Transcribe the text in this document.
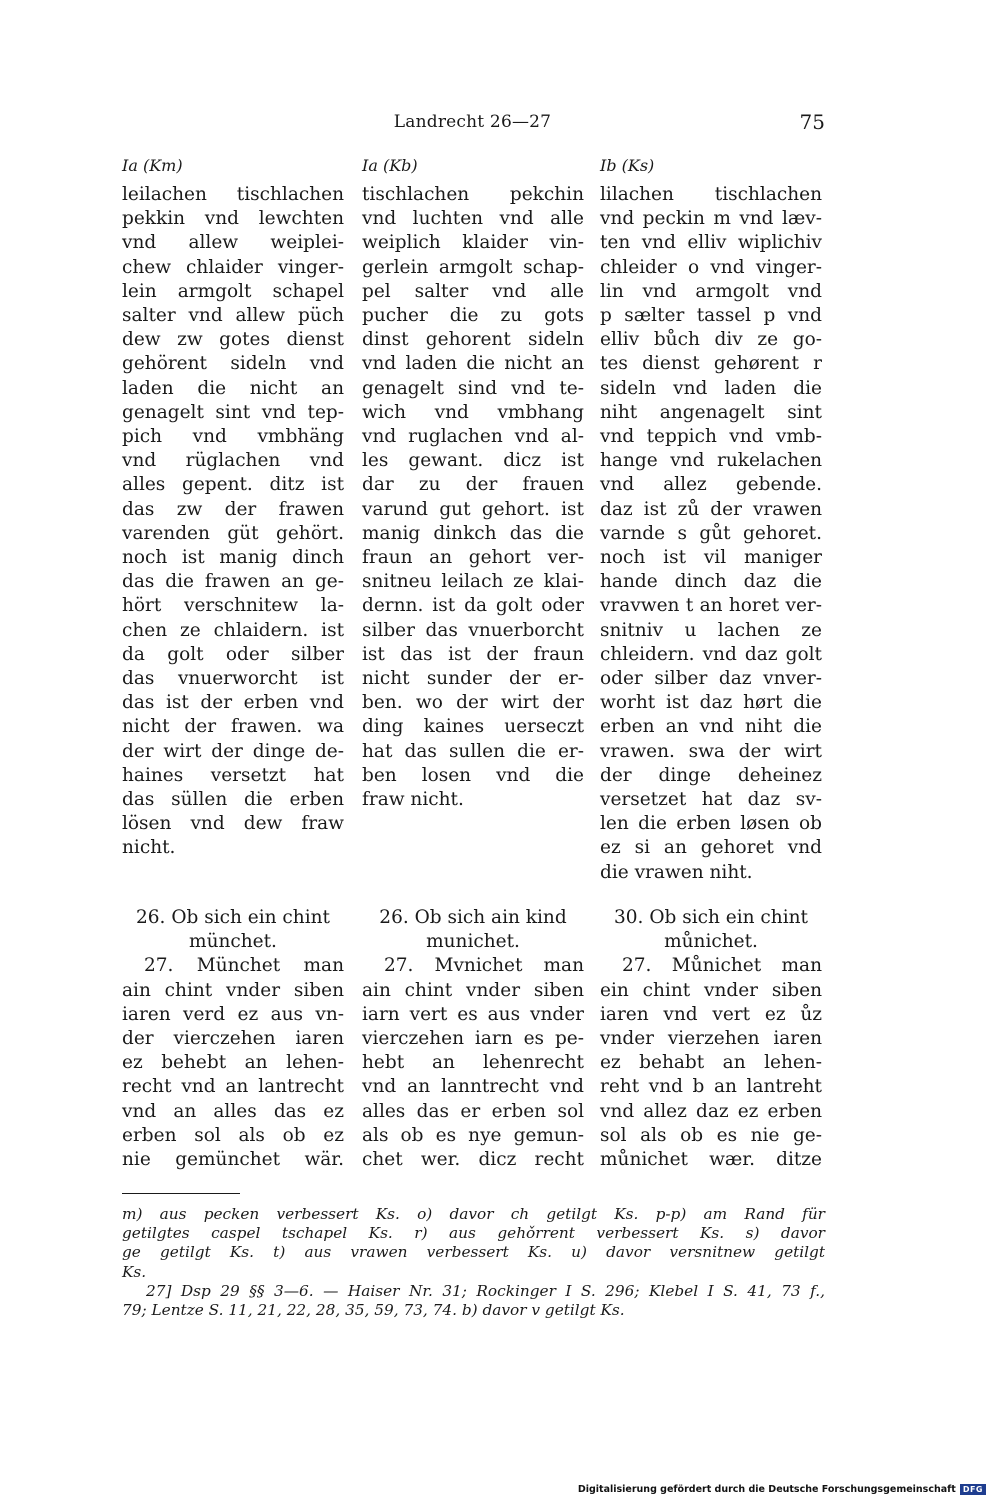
Landrecht 26—27	75
Ia (Km)	Ia (Kb)	Ib (Ks)
leilachen tischlachen
pekkin vnd lewchten
vnd allew weiplei-
chew chlaider vinger-
lein armgolt schapel
salter vnd allew püch
dew zw gotes dienst
gehörent sideln vnd
laden die nicht an
genagelt sint vnd tep-
pich vnd vmbhäng
vnd rüglachen vnd
alles gepent. ditz ist
das zw der frawen
varenden güt gehört.
noch ist manig dinch
das die frawen an ge-
hört verschnitew la-
chen ze chlaidern. ist
da golt oder silber
das vnuerworcht ist
das ist der erben vnd
nicht der frawen. wa
der wirt der dinge de-
haines versetzt hat
das süllen die erben
lösen vnd dew fraw
nicht.
tischlachen pekchin
vnd luchten vnd alle
weiplich klaider vin-
gerlein armgolt schap-
pel salter vnd alle
pucher die zu gots
dinst gehorent sideln
vnd laden die nicht an
genagelt sind vnd te-
wich vnd vmbhang
vnd ruglachen vnd al-
les gewant. dicz ist
dar zu der frauen
varund gut gehort. ist
manig dinkch das die
fraun an gehort ver-
snitneu leilach ze klai-
dernn. ist da golt oder
silber das vnuerborcht
ist das ist der fraun
nicht sunder der er-
ben. wo der wirt der
ding kaines uerseczt
hat das sullen die er-
ben losen vnd die
fraw nicht.
lilachen tischlachen
vnd peckin m vnd læv-
ten vnd elliv wiplichiv
chleider o vnd vinger-
lin vnd armgolt vnd
p sælter tassel p vnd
elliv bůch div ze go-
tes dienst gehørent r
sideln vnd laden die
niht angenagelt sint
vnd teppich vnd vmb-
hange vnd rukelachen
vnd allez gebende.
daz ist zů der vrawen
varnde s gůt gehoret.
noch ist vil maniger
hande dinch daz die
vravwen t an horet ver-
snitniv u lachen ze
chleidern. vnd daz golt
oder silber daz vnver-
worht ist daz hørt die
erben an vnd niht die
vrawen. swa der wirt
der dinge deheinez
versetzet hat daz sv-
len die erben løsen ob
ez si an gehoret vnd
die vrawen niht.
26. Ob sich ein chint
münchet.
27. Münchet man
ain chint vnder siben
iaren verd ez aus vn-
der vierczehen iaren
ez behebt an lehen-
recht vnd an lantrecht
vnd an alles das ez
erben sol als ob ez
nie gemünchet wär.
26. Ob sich ain kind
munichet.
27. Mvnichet man
ain chint vnder siben
iarn vert es aus vnder
vierczehen iarn es pe-
hebt an lehenrecht
vnd an lanntrecht vnd
alles das er erben sol
als ob es nye gemun-
chet wer. dicz recht
30. Ob sich ein chint
můnichet.
27. Můnichet man
ein chint vnder siben
iaren vnd vert ez ůz
vnder vierzehen iaren
ez behabt an lehen-
reht vnd b an lantreht
vnd allez daz ez erben
sol als ob es nie ge-
můnichet wær. ditze
m) aus pecken verbessert Ks. o) davor ch getilgt Ks. p-p) am Rand für
getilgtes caspel tschapel Ks. r) aus gehǒrrent verbessert Ks. s) davor
ge getilgt Ks. t) aus vrawen verbessert Ks. u) davor versnitnew getilgt
Ks.
27] Dsp 29 §§ 3—6. — Haiser Nr. 31; Rockinger I S. 296; Klebel I S. 41, 73 f.,
79; Lentze S. 11, 21, 22, 28, 35, 59, 73, 74. b) davor v getilgt Ks.
Digitalisierung gefördert durch die Deutsche Forschungsgemeinschaft DFG
